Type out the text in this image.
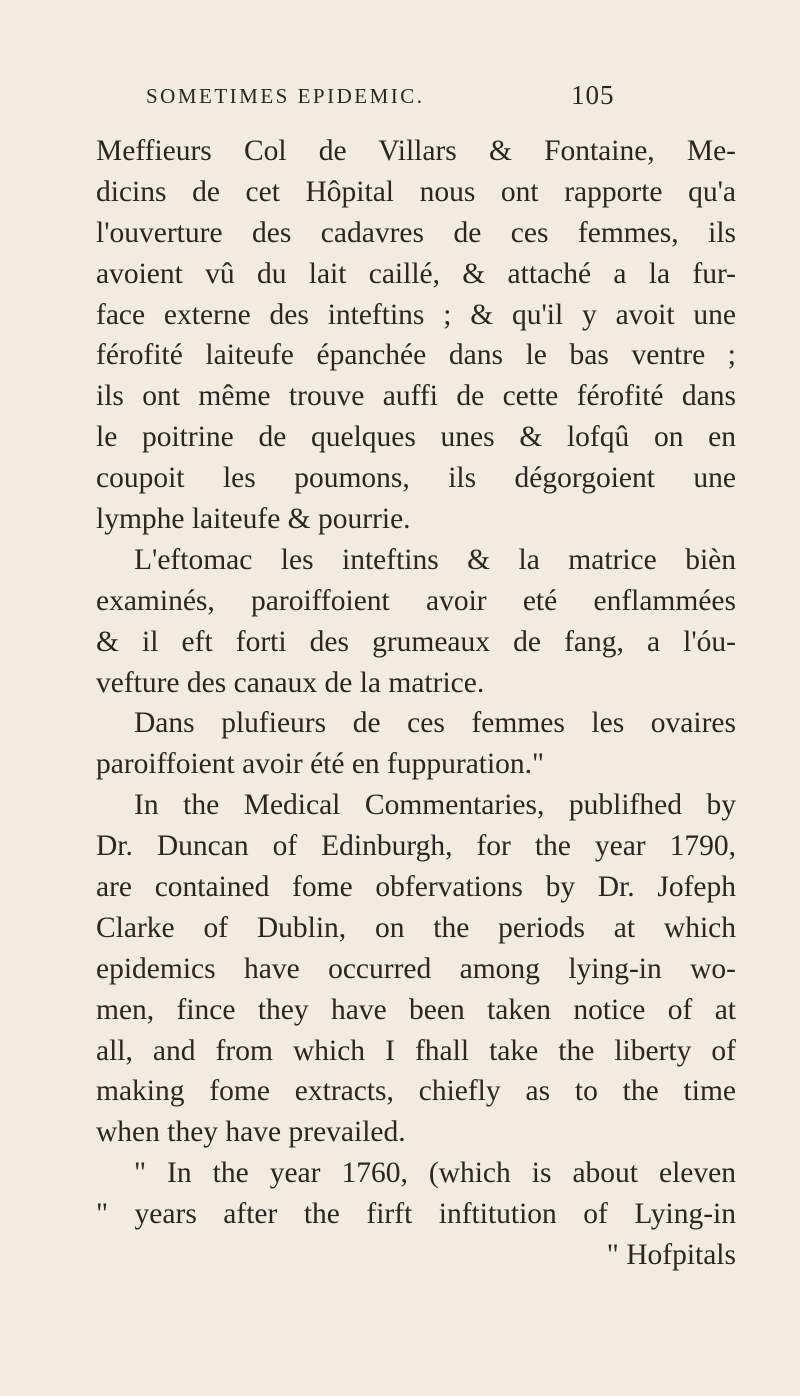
SOMETIMES EPIDEMIC.	105
Meffieurs Col de Villars & Fontaine, Me-
dicins de cet Hôpital nous ont rapporte qu'a
l'ouverture des cadavres de ces femmes, ils
avoient vû du lait caillé, & attaché a la fur-
face externe des inteftins ; & qu'il y avoit une
férofité laiteufe épanchée dans le bas ventre ;
ils ont même trouve auffi de cette férofité dans
le poitrine de quelques unes & lofqû on en
coupoit les poumons, ils dégorgoient une
lymphe laiteufe & pourrie.
L'eftomac les inteftins & la matrice bièn
examinés, paroiffoient avoir eté enflammées
& il eft forti des grumeaux de fang, a l'óu-
vefture des canaux de la matrice.
Dans plufieurs de ces femmes les ovaires
paroiffoient avoir été en fuppuration."
In the Medical Commentaries, publifhed by
Dr. Duncan of Edinburgh, for the year 1790,
are contained fome obfervations by Dr. Jofeph
Clarke of Dublin, on the periods at which
epidemics have occurred among lying-in wo-
men, fince they have been taken notice of at
all, and from which I fhall take the liberty of
making fome extracts, chiefly as to the time
when they have prevailed.
" In the year 1760, (which is about eleven
" years after the firft inftitution of Lying-in
" Hofpitals
